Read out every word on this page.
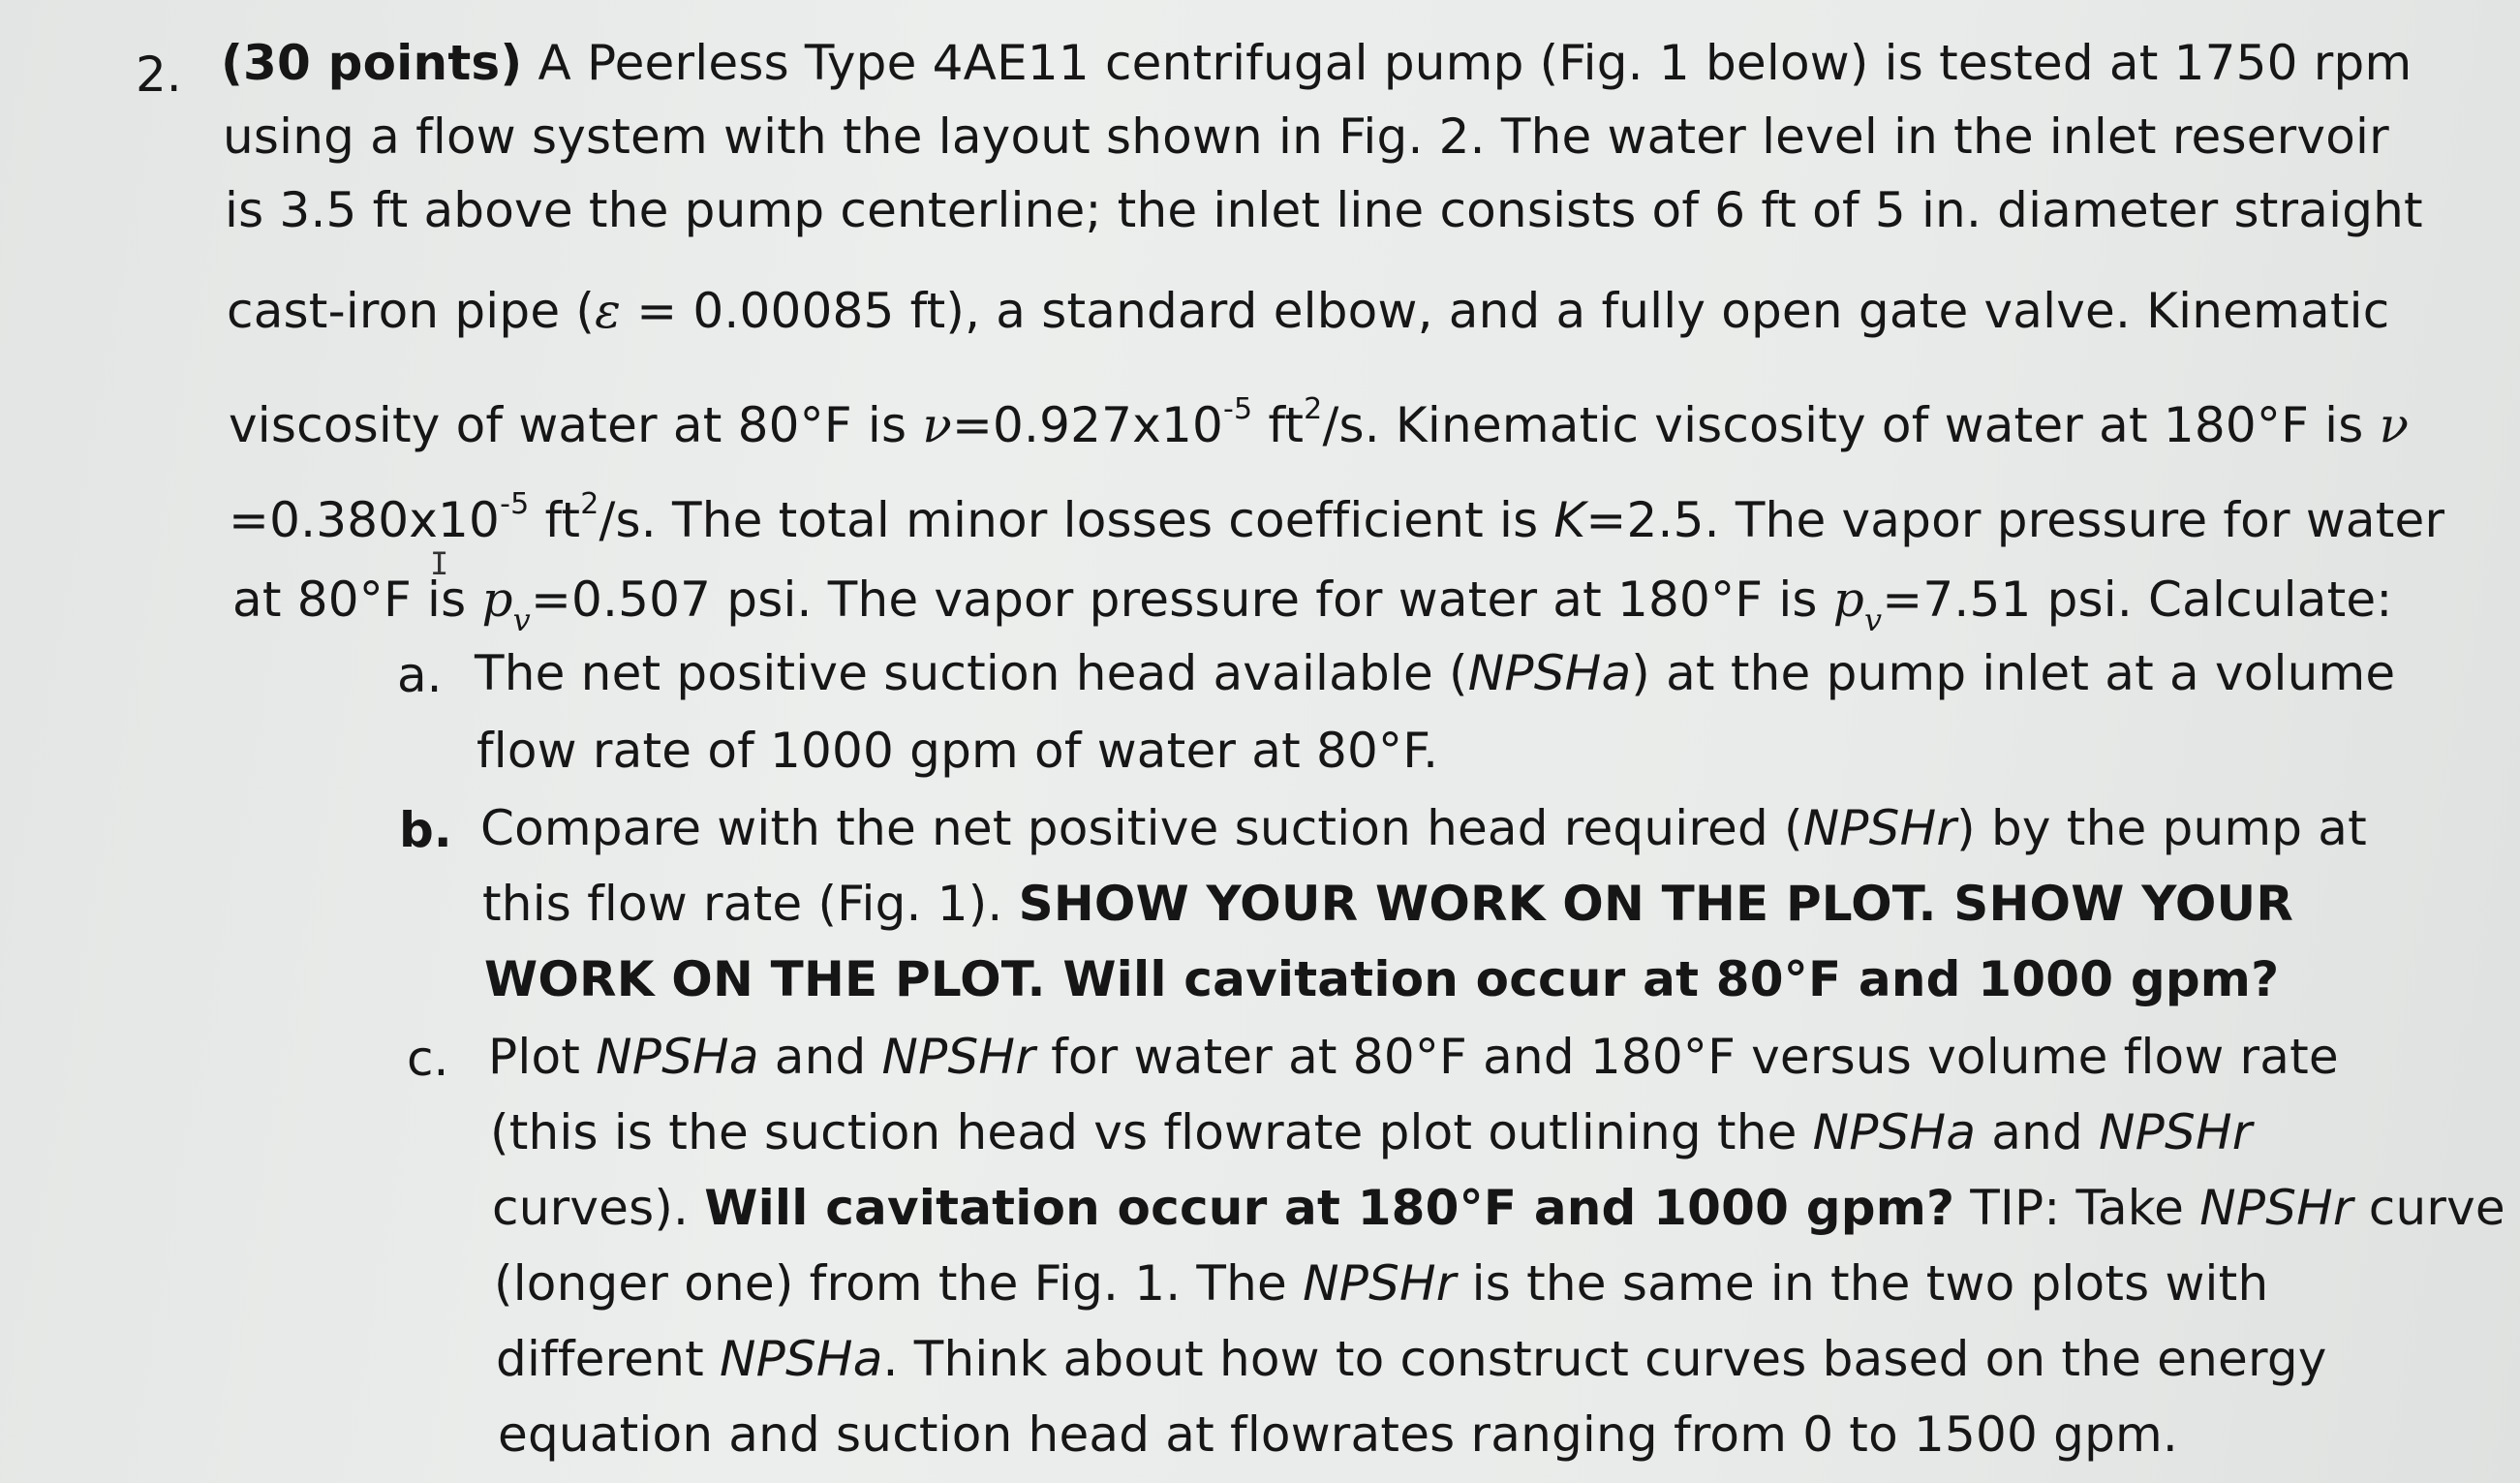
2. (30 points) A Peerless Type 4AE11 centrifugal pump (Fig. 1 below) is tested at 1750 rpm
using a flow system with the layout shown in Fig. 2. The water level in the inlet reservoir
is 3.5 ft above the pump centerline; the inlet line consists of 6 ft of 5 in. diameter straight
cast-iron pipe (ε = 0.00085 ft), a standard elbow, and a fully open gate valve. Kinematic
viscosity of water at 80°F is $\nu=0.927x10^{-5}$ $ft^2/s$. Kinematic viscosity of water at 180°F is ν
$=0.380x10^{-5}$ $ft^2/s$. The total minor losses coefficient is K=2.5. The vapor pressure for water
I
at 80°F is $p_v=0.507$ psi. The vapor pressure for water at 180°F is $p_v=7.51$ psi. Calculate:
a. The net positive suction head available (NPSHa) at the pump inlet at a volume
flow rate of 1000 gpm of water at 80°F.
b. Compare with the net positive suction head required (NPSHr) by the pump at
this flow rate (Fig. 1). SHOW YOUR WORK ON THE PLOT. SHOW YOUR
WORK ON THE PLOT. Will cavitation occur at 80°F and 1000 gpm?
c. Plot NPSHa and NPSHr for water at 80°F and 180°F versus volume flow rate
(this is the suction head vs flowrate plot outlining the NPSHa and NPSHr
curves). Will cavitation occur at 180°F and 1000 gpm? TIP: Take NPSHr curve
(longer one) from the Fig. 1. The NPSHr is the same in the two plots with
different NPSHa. Think about how to construct curves based on the energy
equation and suction head at flowrates ranging from 0 to 1500 gpm.
